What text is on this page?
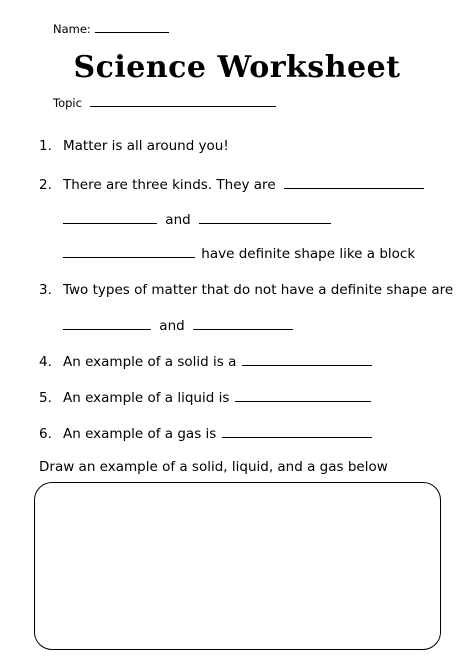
Name:
Topic
Science Worksheet
1. Matter is all around you!
2. There are three kinds. They are
and
have definite shape like a block
3. Two types of matter that do not have a definite shape are
and
4. An example of a solid is a
5. An example of a liquid is
6. An example of a gas is
Draw an example of a solid, liquid, and a gas below
